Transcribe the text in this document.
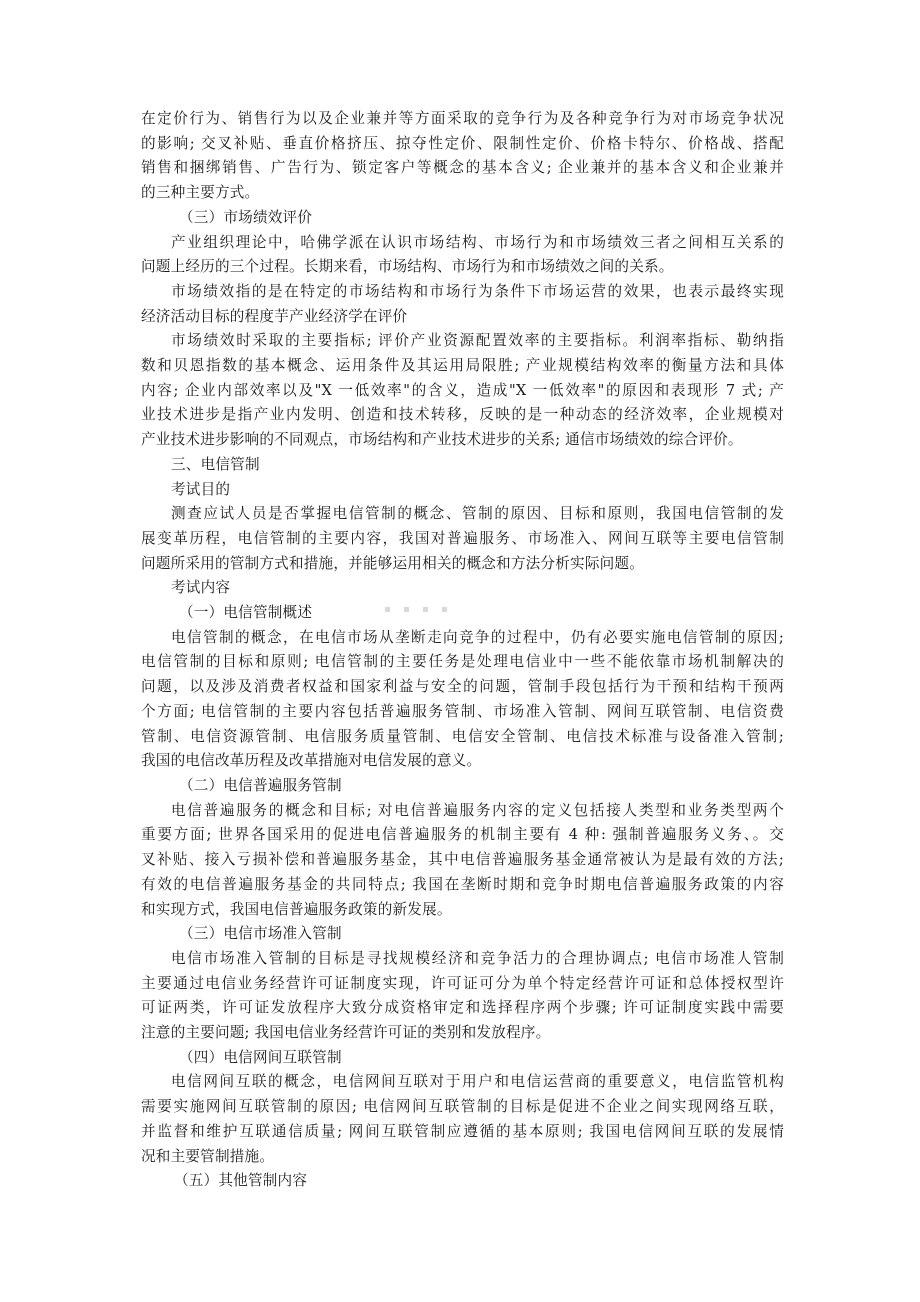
在定价行为、销售行为以及企业兼并等方面采取的竞争行为及各种竞争行为对市场竞争状况
的影响; 交叉补贴、垂直价格挤压、掠夺性定价、限制性定价、价格卡特尔、价格战、搭配
销售和捆绑销售、广告行为、锁定客户等概念的基本含义; 企业兼并的基本含义和企业兼并
的三种主要方式。
（三）市场绩效评价
产业组织理论中，哈佛学派在认识市场结构、市场行为和市场绩效三者之间相互关系的
问题上经历的三个过程。长期来看，市场结构、市场行为和市场绩效之间的关系。
市场绩效指的是在特定的市场结构和市场行为条件下市场运营的效果，也表示最终实现
经济活动目标的程度芋产业经济学在评价
市场绩效时采取的主要指标; 评价产业资源配置效率的主要指标。利润率指标、勒纳指
数和贝恩指数的基本概念、运用条件及其运用局限胜; 产业规模结构效率的衡量方法和具体
内容; 企业内部效率以及"X 一低效率"的含义，造成"X 一低效率"的原因和表现形 7 式; 产
业技术进步是指产业内发明、创造和技术转移，反映的是一种动态的经济效率，企业规模对
产业技术进步影响的不同观点，市场结构和产业技术进步的关系; 通信市场绩效的综合评价。
三、电信管制
考试目的
测查应试人员是否掌握电信管制的概念、管制的原因、目标和原则，我国电信管制的发
展变革历程，电信管制的主要内容，我国对普遍服务、市场准入、网间互联等主要电信管制
问题所采用的管制方式和措施，并能够运用相关的概念和方法分析实际问题。
考试内容
（一）电信管制概述
电信管制的概念，在电信市场从垄断走向竞争的过程中，仍有必要实施电信管制的原因;
电信管制的目标和原则; 电信管制的主要任务是处理电信业中一些不能依靠市场机制解决的
问题，以及涉及消费者权益和国家利益与安全的问题，管制手段包括行为干预和结构干预两
个方面; 电信管制的主要内容包括普遍服务管制、市场准入管制、网间互联管制、电信资费
管制、电信资源管制、电信服务质量管制、电信安全管制、电信技术标准与设备准入管制;
我国的电信改革历程及改革措施对电信发展的意义。
（二）电信普遍服务管制
电信普遍服务的概念和目标; 对电信普遍服务内容的定义包括接人类型和业务类型两个
重要方面; 世界各国采用的促进电信普遍服务的机制主要有 4 种: 强制普遍服务义务、。交
叉补贴、接入亏损补偿和普遍服务基金，其中电信普遍服务基金通常被认为是最有效的方法;
有效的电信普遍服务基金的共同特点; 我国在垄断时期和竞争时期电信普遍服务政策的内容
和实现方式，我国电信普遍服务政策的新发展。
（三）电信市场准入管制
电信市场准入管制的目标是寻找规模经济和竞争活力的合理协调点; 电信市场准人管制
主要通过电信业务经营许可证制度实现，许可证可分为单个特定经营许可证和总体授权型许
可证两类，许可证发放程序大致分成资格审定和选择程序两个步骤; 许可证制度实践中需要
注意的主要问题; 我国电信业务经营许可证的类别和发放程序。
（四）电信网间互联管制
电信网间互联的概念，电信网间互联对于用户和电信运营商的重要意义，电信监管机构
需要实施网间互联管制的原因; 电信网间互联管制的目标是促进不企业之间实现网络互联，
并监督和维护互联通信质量; 网间互联管制应遵循的基本原则; 我国电信网间互联的发展情
况和主要管制措施。
（五）其他管制内容
